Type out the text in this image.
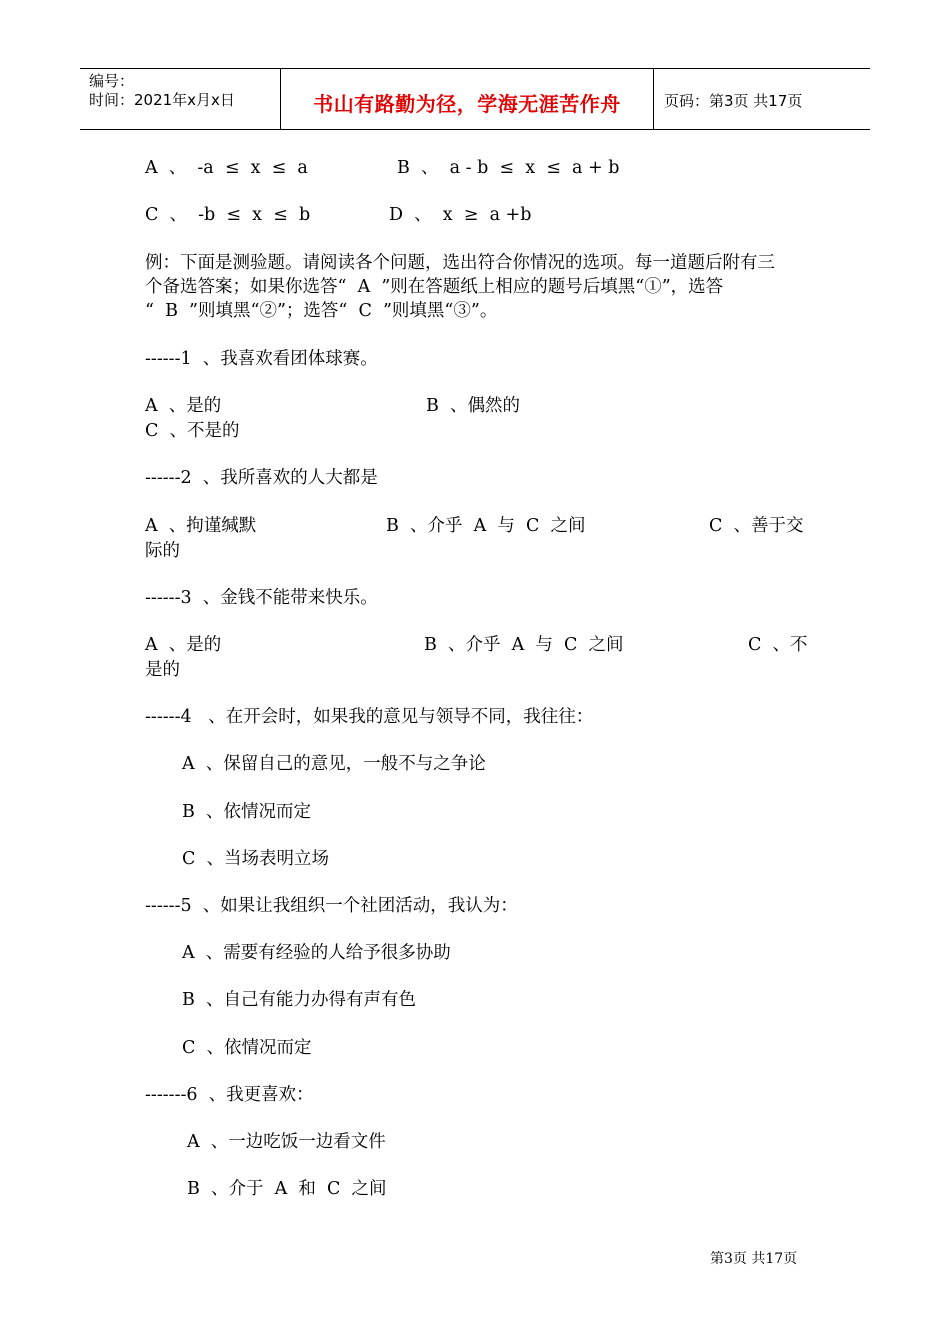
编号：
时间：2021年x月x日	书山有路勤为径，学海无涯苦作舟	页码：第3页 共17页
A  、  -a  ≤  x  ≤  a	B  、  a - b  ≤  x  ≤  a + b
C  、  -b  ≤  x  ≤  b	D  、  x  ≥  a +b
例：下面是测验题。请阅读各个问题，选出符合你情况的选项。每一道题后附有三
个备选答案；如果你选答“  A  ”则在答题纸上相应的题号后填黑“①”，选答
“  B  ”则填黑“②”；选答“  C  ”则填黑“③”。
------1  、我喜欢看团体球赛。
A  、是的	B  、偶然的
C  、不是的
------2  、我所喜欢的人大都是
A  、拘谨缄默	B  、介乎  A  与  C  之间	C  、善于交
际的
------3  、金钱不能带来快乐。
A  、是的	B  、介乎  A  与  C  之间	C  、不
是的
------4   、在开会时，如果我的意见与领导不同，我往往：
A  、保留自己的意见，一般不与之争论
B  、依情况而定
C  、当场表明立场
------5  、如果让我组织一个社团活动，我认为：
A  、需要有经验的人给予很多协助
B  、自己有能力办得有声有色
C  、依情况而定
-------6  、我更喜欢：
A  、一边吃饭一边看文件
B  、介于  A  和  C  之间
第3页 共17页
